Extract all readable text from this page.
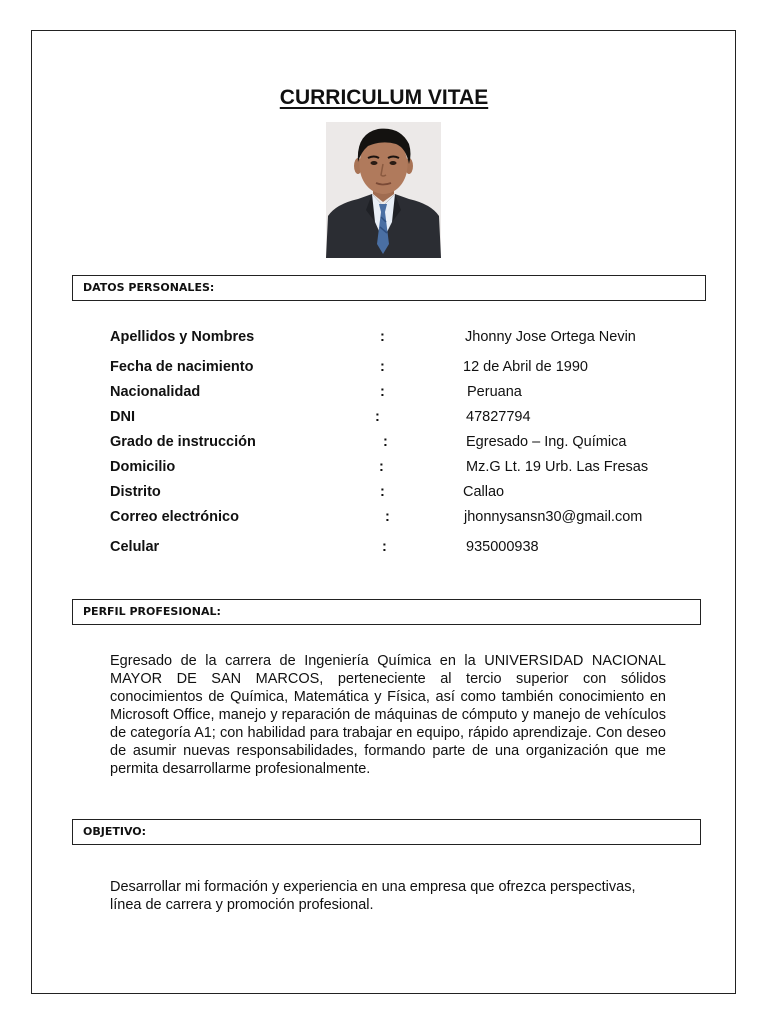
CURRICULUM VITAE
DATOS PERSONALES:
Apellidos y Nombres	:	Jhonny Jose Ortega Nevin
Fecha de nacimiento	:	12 de Abril de 1990
Nacionalidad	:	Peruana
DNI	:	47827794
Grado de instrucción	:	Egresado – Ing. Química
Domicilio	:	Mz.G Lt. 19 Urb. Las Fresas
Distrito	:	Callao
Correo electrónico	:	jhonnysansn30@gmail.com
Celular	:	935000938
PERFIL PROFESIONAL:
Egresado de la carrera de Ingeniería Química en la UNIVERSIDAD NACIONAL MAYOR DE SAN MARCOS, perteneciente al tercio superior con sólidos conocimientos de Química, Matemática y Física, así como también conocimiento en Microsoft Office, manejo y reparación de máquinas de cómputo y manejo de vehículos de categoría A1; con habilidad para trabajar en equipo, rápido aprendizaje. Con deseo de asumir nuevas responsabilidades, formando parte de una organización que me permita desarrollarme profesionalmente.
OBJETIVO:
Desarrollar mi formación y experiencia en una empresa que ofrezca perspectivas, línea de carrera y promoción profesional.
